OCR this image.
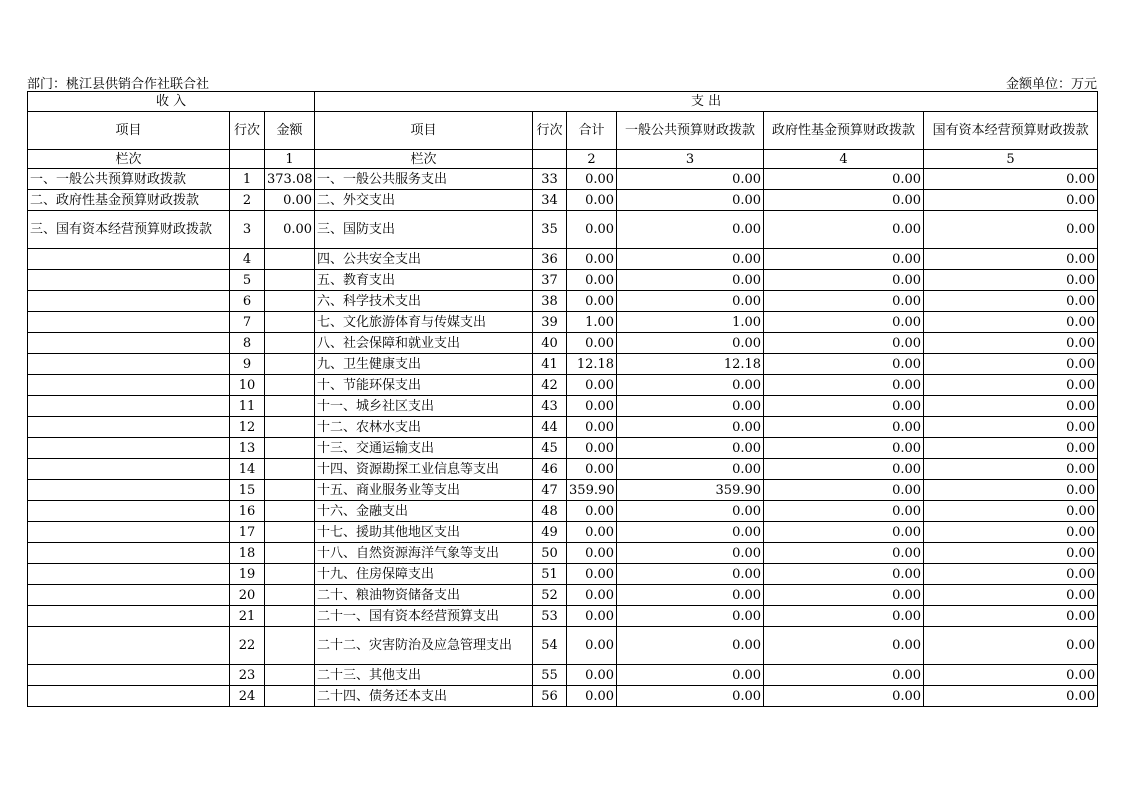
部门：桃江县供销合作社联合社	金额单位：万元
收 入			支 出					
项目	行次	金额	项目	行次	合计	一般公共预算财政拨款	政府性基金预算财政拨款	国有资本经营预算财政拨款
栏次		1	栏次		2	3	4	5
一、一般公共预算财政拨款	1	373.08	一、一般公共服务支出	33	0.00	0.00	0.00	0.00
二、政府性基金预算财政拨款	2	0.00	二、外交支出	34	0.00	0.00	0.00	0.00
三、国有资本经营预算财政拨款	3	0.00	三、国防支出	35	0.00	0.00	0.00	0.00
	4		四、公共安全支出	36	0.00	0.00	0.00	0.00
	5		五、教育支出	37	0.00	0.00	0.00	0.00
	6		六、科学技术支出	38	0.00	0.00	0.00	0.00
	7		七、文化旅游体育与传媒支出	39	1.00	1.00	0.00	0.00
	8		八、社会保障和就业支出	40	0.00	0.00	0.00	0.00
	9		九、卫生健康支出	41	12.18	12.18	0.00	0.00
	10		十、节能环保支出	42	0.00	0.00	0.00	0.00
	11		十一、城乡社区支出	43	0.00	0.00	0.00	0.00
	12		十二、农林水支出	44	0.00	0.00	0.00	0.00
	13		十三、交通运输支出	45	0.00	0.00	0.00	0.00
	14		十四、资源勘探工业信息等支出	46	0.00	0.00	0.00	0.00
	15		十五、商业服务业等支出	47	359.90	359.90	0.00	0.00
	16		十六、金融支出	48	0.00	0.00	0.00	0.00
	17		十七、援助其他地区支出	49	0.00	0.00	0.00	0.00
	18		十八、自然资源海洋气象等支出	50	0.00	0.00	0.00	0.00
	19		十九、住房保障支出	51	0.00	0.00	0.00	0.00
	20		二十、粮油物资储备支出	52	0.00	0.00	0.00	0.00
	21		二十一、国有资本经营预算支出	53	0.00	0.00	0.00	0.00
	22		二十二、灾害防治及应急管理支出	54	0.00	0.00	0.00	0.00
	23		二十三、其他支出	55	0.00	0.00	0.00	0.00
	24		二十四、债务还本支出	56	0.00	0.00	0.00	0.00
